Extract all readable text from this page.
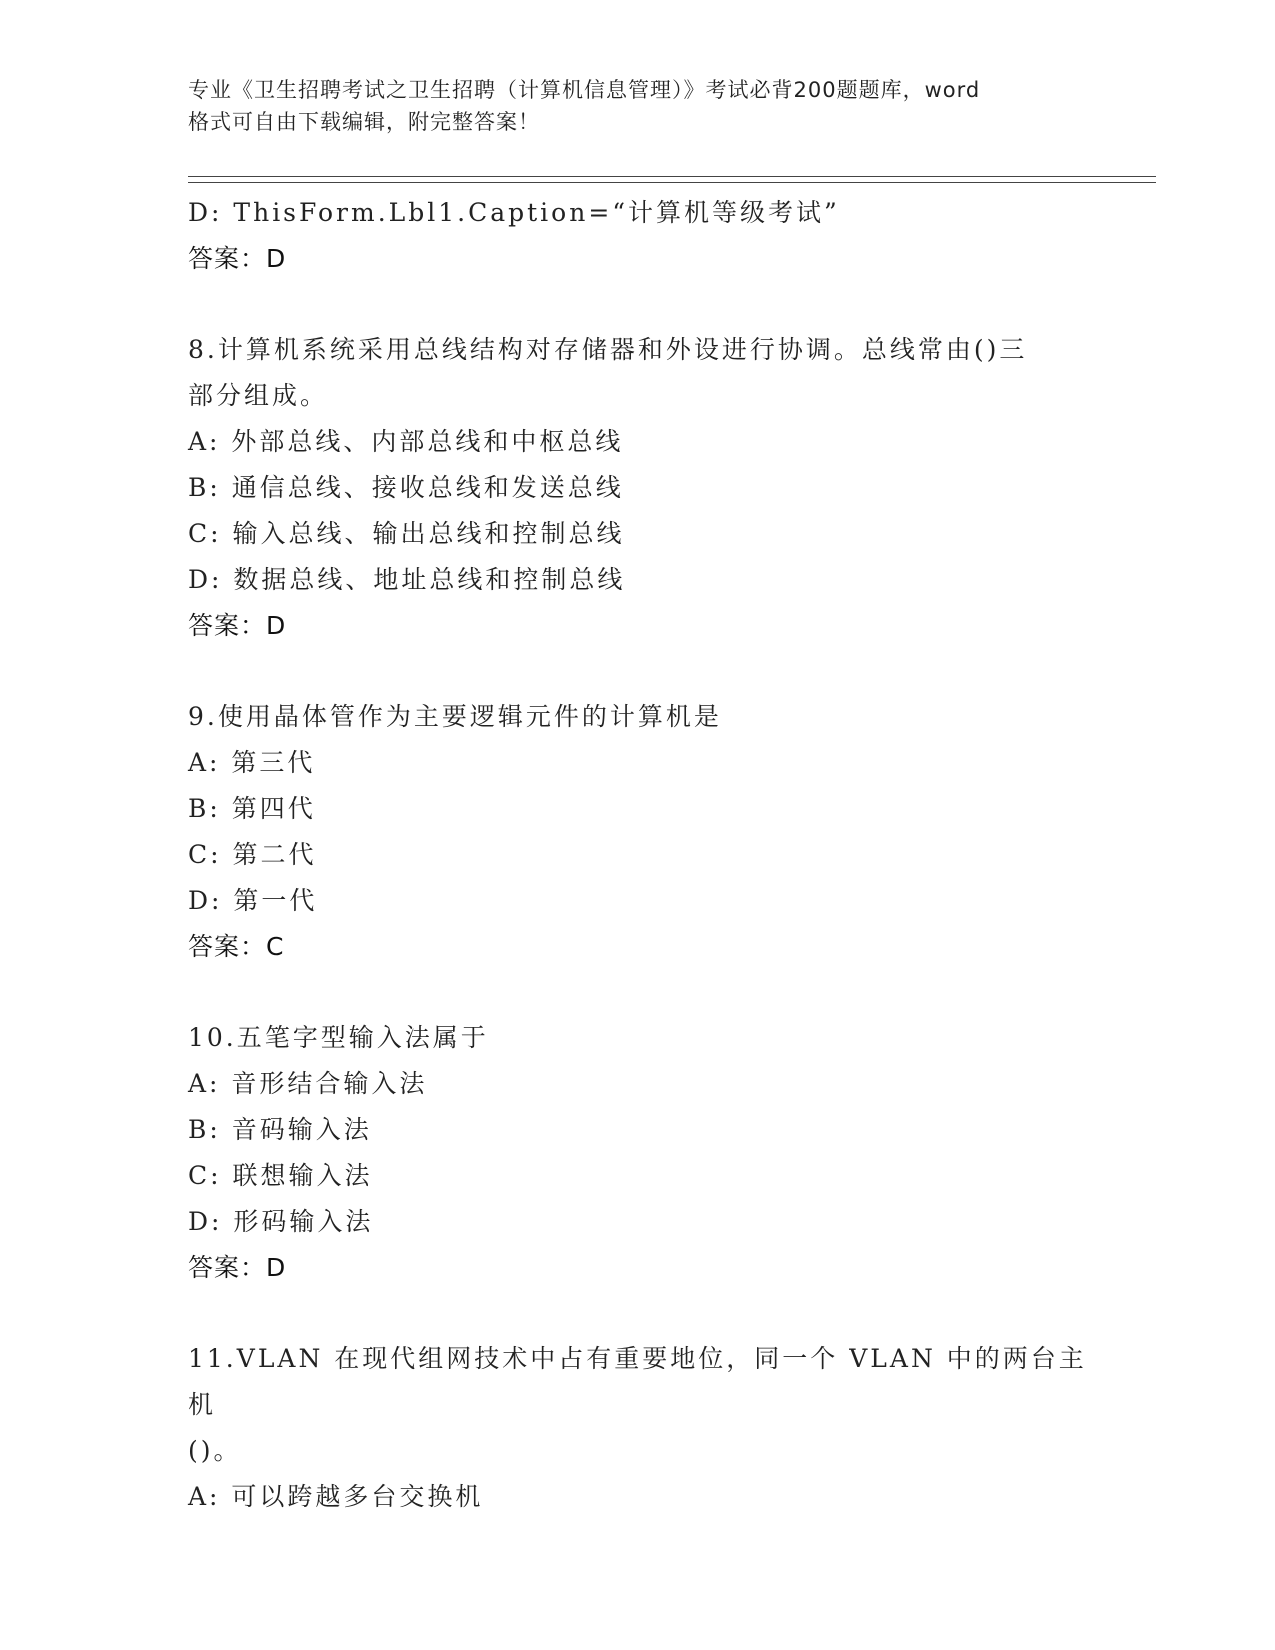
专业《卫生招聘考试之卫生招聘（计算机信息管理）》考试必背200题题库，word
格式可自由下载编辑，附完整答案！
D: ThisForm.Lbl1.Caption=“计算机等级考试”
答案：D
8.计算机系统采用总线结构对存储器和外设进行协调。总线常由()三
部分组成。
A: 外部总线、内部总线和中枢总线
B: 通信总线、接收总线和发送总线
C: 输入总线、输出总线和控制总线
D: 数据总线、地址总线和控制总线
答案：D
9.使用晶体管作为主要逻辑元件的计算机是
A: 第三代
B: 第四代
C: 第二代
D: 第一代
答案：C
10.五笔字型输入法属于
A: 音形结合输入法
B: 音码输入法
C: 联想输入法
D: 形码输入法
答案：D
11.VLAN 在现代组网技术中占有重要地位，同一个 VLAN 中的两台主机
()。
A: 可以跨越多台交换机
